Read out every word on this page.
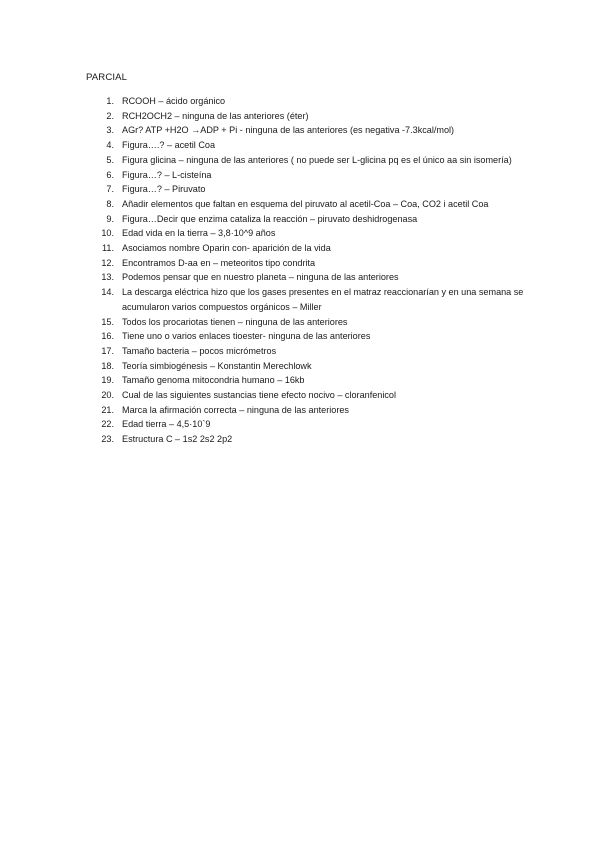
PARCIAL
1. RCOOH – ácido orgánico
2. RCH2OCH2 – ninguna de las anteriores (éter)
3. AGr? ATP +H2O →ADP + Pi - ninguna de las anteriores (es negativa -7.3kcal/mol)
4. Figura….? – acetil Coa
5. Figura glicina – ninguna de las anteriores ( no puede ser L-glicina pq es el único aa sin isomería)
6. Figura…? – L-cisteína
7. Figura…? – Piruvato
8. Añadir elementos que faltan en esquema del piruvato al acetil-Coa – Coa, CO2 i acetil Coa
9. Figura…Decir que enzima cataliza la reacción – piruvato deshidrogenasa
10. Edad vida en la tierra – 3,8·10^9 años
11. Asociamos nombre Oparin con- aparición de la vida
12. Encontramos D-aa en – meteoritos tipo condrita
13. Podemos pensar que en nuestro planeta – ninguna de las anteriores
14. La descarga eléctrica hizo que los gases presentes en el matraz reaccionarían y en una semana se acumularon varios compuestos orgánicos – Miller
15. Todos los procariotas tienen – ninguna de las anteriores
16. Tiene uno o varios enlaces tioester- ninguna de las anteriores
17. Tamaño bacteria – pocos micrómetros
18. Teoría simbiogénesis – Konstantin Merechlowk
19. Tamaño genoma mitocondria humano – 16kb
20. Cual de las siguientes sustancias tiene efecto nocivo – cloranfenicol
21. Marca la afirmación correcta – ninguna de las anteriores
22. Edad tierra – 4,5·10`9
23. Estructura C – 1s2 2s2 2p2
